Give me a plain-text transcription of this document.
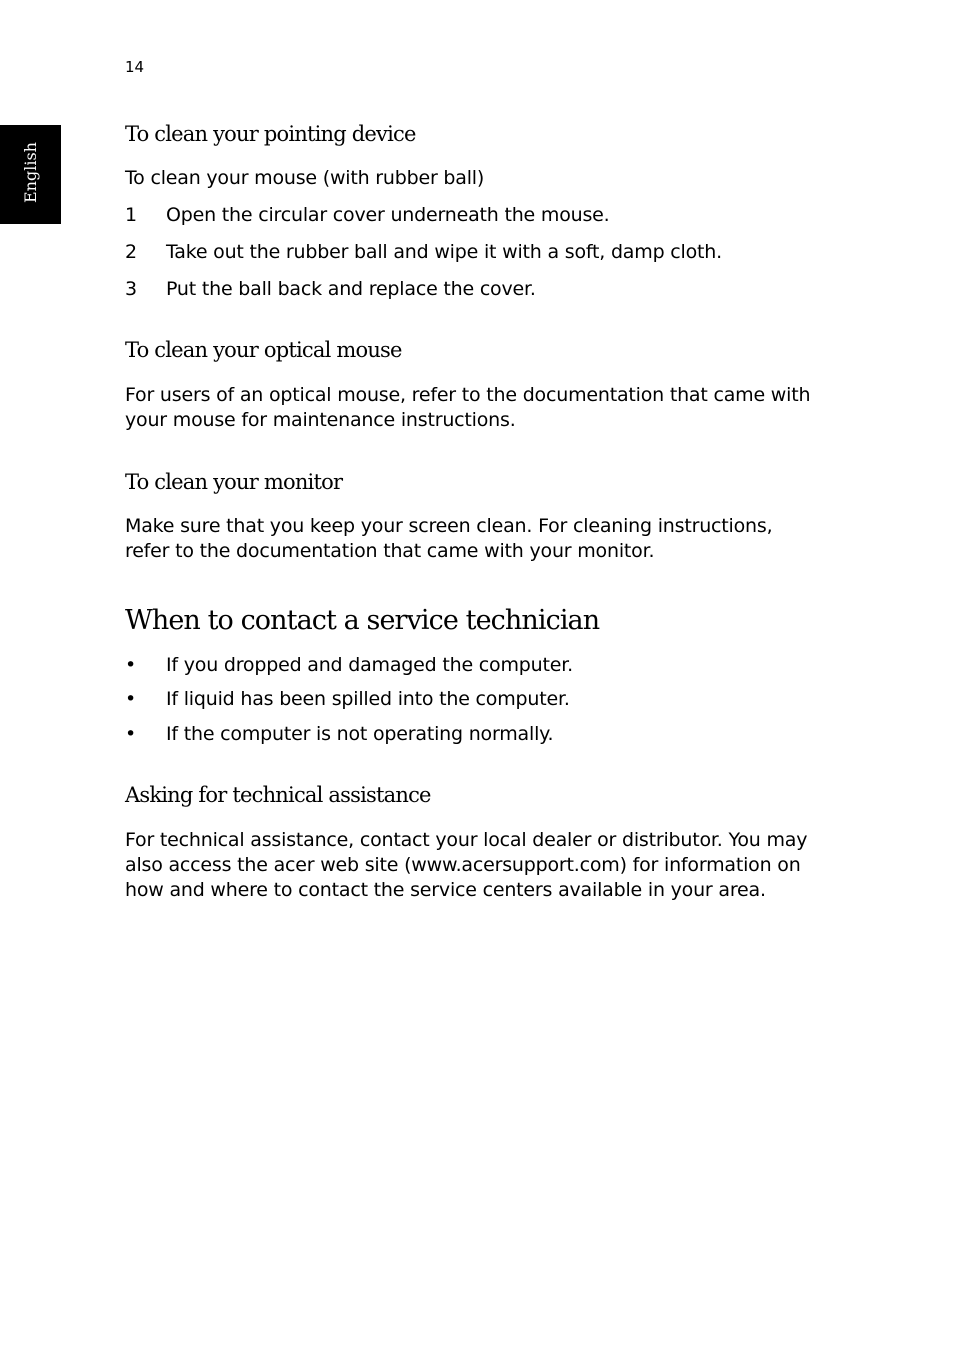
14
English
To clean your pointing device

To clean your mouse (with rubber ball)

1 Open the circular cover underneath the mouse.
2 Take out the rubber ball and wipe it with a soft, damp cloth.
3 Put the ball back and replace the cover.
To clean your optical mouse

For users of an optical mouse, refer to the documentation that came with your mouse for maintenance instructions.

To clean your monitor

Make sure that you keep your screen clean. For cleaning instructions, refer to the documentation that came with your monitor.

When to contact a service technician
• If you dropped and damaged the computer.
• If liquid has been spilled into the computer.
• If the computer is not operating normally.
Asking for technical assistance

For technical assistance, contact your local dealer or distributor. You may also access the acer web site (www.acersupport.com) for information on how and where to contact the service centers available in your area.
